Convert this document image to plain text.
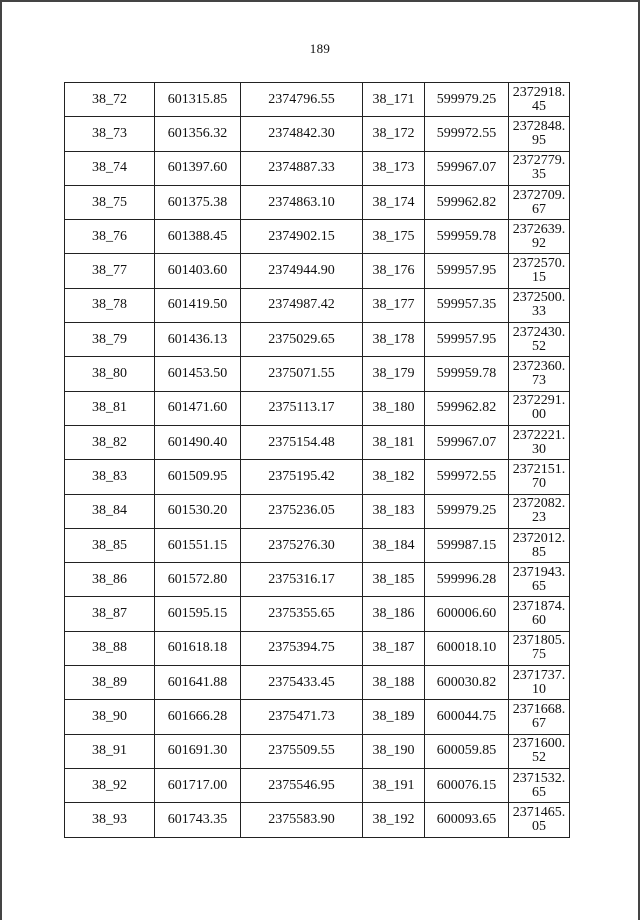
189
38_72	601315.85	2374796.55	38_171	599979.25	2372918.45
38_73	601356.32	2374842.30	38_172	599972.55	2372848.95
38_74	601397.60	2374887.33	38_173	599967.07	2372779.35
38_75	601375.38	2374863.10	38_174	599962.82	2372709.67
38_76	601388.45	2374902.15	38_175	599959.78	2372639.92
38_77	601403.60	2374944.90	38_176	599957.95	2372570.15
38_78	601419.50	2374987.42	38_177	599957.35	2372500.33
38_79	601436.13	2375029.65	38_178	599957.95	2372430.52
38_80	601453.50	2375071.55	38_179	599959.78	2372360.73
38_81	601471.60	2375113.17	38_180	599962.82	2372291.00
38_82	601490.40	2375154.48	38_181	599967.07	2372221.30
38_83	601509.95	2375195.42	38_182	599972.55	2372151.70
38_84	601530.20	2375236.05	38_183	599979.25	2372082.23
38_85	601551.15	2375276.30	38_184	599987.15	2372012.85
38_86	601572.80	2375316.17	38_185	599996.28	2371943.65
38_87	601595.15	2375355.65	38_186	600006.60	2371874.60
38_88	601618.18	2375394.75	38_187	600018.10	2371805.75
38_89	601641.88	2375433.45	38_188	600030.82	2371737.10
38_90	601666.28	2375471.73	38_189	600044.75	2371668.67
38_91	601691.30	2375509.55	38_190	600059.85	2371600.52
38_92	601717.00	2375546.95	38_191	600076.15	2371532.65
38_93	601743.35	2375583.90	38_192	600093.65	2371465.05
